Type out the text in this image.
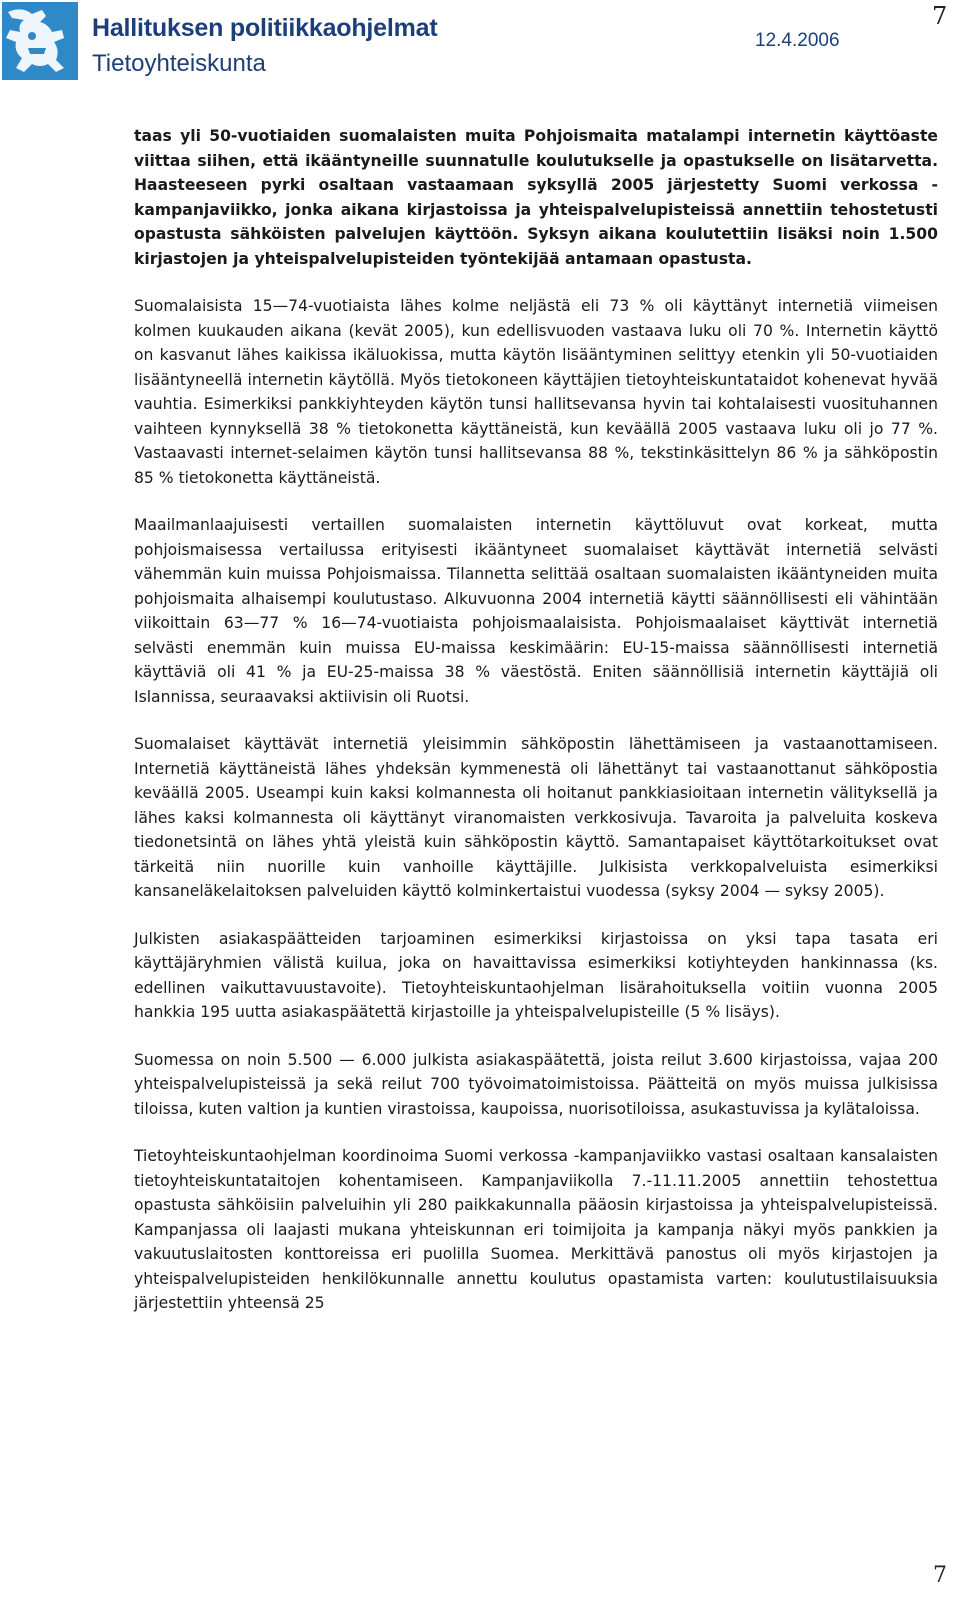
Hallituksen politiikkaohjelmat
Tietoyhteiskunta
12.4.2006
7

taas yli 50-vuotiaiden suomalaisten muita Pohjoismaita matalampi internetin käyttöaste viittaa siihen, että ikääntyneille suunnatulle koulutukselle ja opastukselle on lisätarvetta. Haasteeseen pyrki osaltaan vastaamaan syksyllä 2005 järjestetty Suomi verkossa -kampanjaviikko, jonka aikana kirjastoissa ja yhteispalvelupisteissä annettiin tehostetusti opastusta sähköisten palvelujen käyttöön. Syksyn aikana koulutettiin lisäksi noin 1.500 kirjastojen ja yhteispalvelupisteiden työntekijää antamaan opastusta.

Suomalaisista 15—74-vuotiaista lähes kolme neljästä eli 73 % oli käyttänyt internetiä viimeisen kolmen kuukauden aikana (kevät 2005), kun edellisvuoden vastaava luku oli 70 %. Internetin käyttö on kasvanut lähes kaikissa ikäluokissa, mutta käytön lisääntyminen selittyy etenkin yli 50-vuotiaiden lisääntyneellä internetin käytöllä. Myös tietokoneen käyttäjien tietoyhteiskuntataidot kohenevat hyvää vauhtia. Esimerkiksi pankkiyhteyden käytön tunsi hallitsevansa hyvin tai kohtalaisesti vuosituhannen vaihteen kynnyksellä 38 % tietokonetta käyttäneistä, kun keväällä 2005 vastaava luku oli jo 77 %. Vastaavasti internet-selaimen käytön tunsi hallitsevansa 88 %, tekstinkäsittelyn 86 % ja sähköpostin 85 % tietokonetta käyttäneistä.

Maailmanlaajuisesti vertaillen suomalaisten internetin käyttöluvut ovat korkeat, mutta pohjoismaisessa vertailussa erityisesti ikääntyneet suomalaiset käyttävät internetiä selvästi vähemmän kuin muissa Pohjoismaissa. Tilannetta selittää osaltaan suomalaisten ikääntyneiden muita pohjoismaita alhaisempi koulutustaso. Alkuvuonna 2004 internetiä käytti säännöllisesti eli vähintään viikoittain 63—77 % 16—74-vuotiaista pohjoismaalaisista. Pohjoismaalaiset käyttivät internetiä selvästi enemmän kuin muissa EU-maissa keskimäärin: EU-15-maissa säännöllisesti internetiä käyttäviä oli 41 % ja EU-25-maissa 38 % väestöstä. Eniten säännöllisiä internetin käyttäjiä oli Islannissa, seuraavaksi aktiivisin oli Ruotsi.

Suomalaiset käyttävät internetiä yleisimmin sähköpostin lähettämiseen ja vastaanottamiseen. Internetiä käyttäneistä lähes yhdeksän kymmenestä oli lähettänyt tai vastaanottanut sähköpostia keväällä 2005. Useampi kuin kaksi kolmannesta oli hoitanut pankkiasioitaan internetin välityksellä ja lähes kaksi kolmannesta oli käyttänyt viranomaisten verkkosivuja. Tavaroita ja palveluita koskeva tiedonetsintä on lähes yhtä yleistä kuin sähköpostin käyttö. Samantapaiset käyttötarkoitukset ovat tärkeitä niin nuorille kuin vanhoille käyttäjille. Julkisista verkkopalveluista esimerkiksi kansaneläkelaitoksen palveluiden käyttö kolminkertaistui vuodessa (syksy 2004 — syksy 2005).

Julkisten asiakaspäätteiden tarjoaminen esimerkiksi kirjastoissa on yksi tapa tasata eri käyttäjäryhmien välistä kuilua, joka on havaittavissa esimerkiksi kotiyhteyden hankinnassa (ks. edellinen vaikuttavuustavoite). Tietoyhteiskuntaohjelman lisärahoituksella voitiin vuonna 2005 hankkia 195 uutta asiakaspäätettä kirjastoille ja yhteispalvelupisteille (5 % lisäys).

Suomessa on noin 5.500 — 6.000 julkista asiakaspäätettä, joista reilut 3.600 kirjastoissa, vajaa 200 yhteispalvelupisteissä ja sekä reilut 700 työvoimatoimistoissa. Päätteitä on myös muissa julkisissa tiloissa, kuten valtion ja kuntien virastoissa, kaupoissa, nuorisotiloissa, asukastuvissa ja kylätaloissa.

Tietoyhteiskuntaohjelman koordinoima Suomi verkossa -kampanjaviikko vastasi osaltaan kansalaisten tietoyhteiskuntataitojen kohentamiseen. Kampanjaviikolla 7.-11.11.2005 annettiin tehostettua opastusta sähköisiin palveluihin yli 280 paikkakunnalla pääosin kirjastoissa ja yhteispalvelupisteissä. Kampanjassa oli laajasti mukana yhteiskunnan eri toimijoita ja kampanja näkyi myös pankkien ja vakuutuslaitosten konttoreissa eri puolilla Suomea. Merkittävä panostus oli myös kirjastojen ja yhteispalvelupisteiden henkilökunnalle annettu koulutus opastamista varten: koulutustilaisuuksia järjestettiin yhteensä 25

7
